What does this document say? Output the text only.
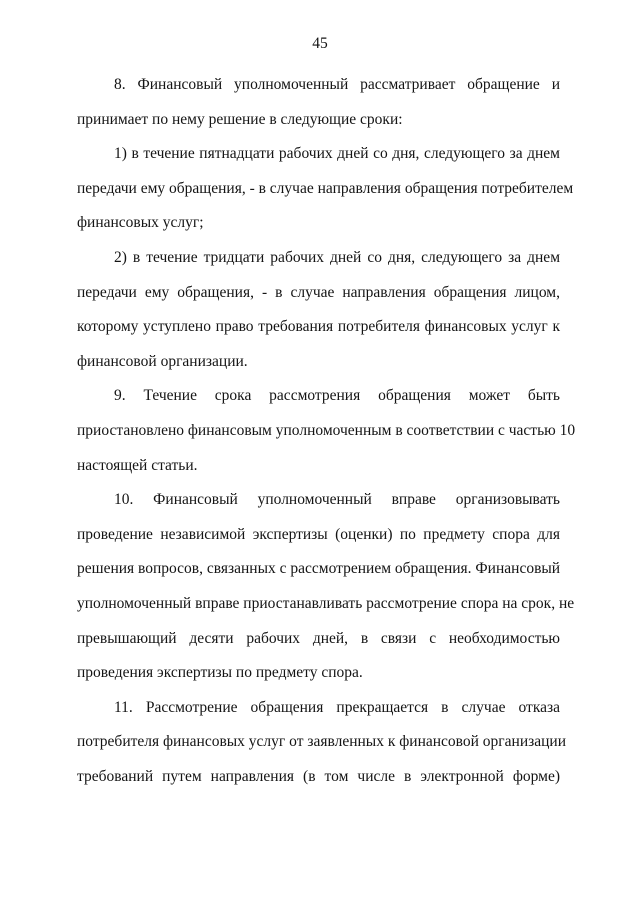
45
8. Финансовый уполномоченный рассматривает обращение и
принимает по нему решение в следующие сроки:
1) в течение пятнадцати рабочих дней со дня, следующего за днем
передачи ему обращения, - в случае направления обращения потребителем
финансовых услуг;
2) в течение тридцати рабочих дней со дня, следующего за днем
передачи ему обращения, - в случае направления обращения лицом,
которому уступлено право требования потребителя финансовых услуг к
финансовой организации.
9. Течение срока рассмотрения обращения может быть
приостановлено финансовым уполномоченным в соответствии с частью 10
настоящей статьи.
10. Финансовый уполномоченный вправе организовывать
проведение независимой экспертизы (оценки) по предмету спора для
решения вопросов, связанных с рассмотрением обращения. Финансовый
уполномоченный вправе приостанавливать рассмотрение спора на срок, не
превышающий десяти рабочих дней, в связи с необходимостью
проведения экспертизы по предмету спора.
11. Рассмотрение обращения прекращается в случае отказа
потребителя финансовых услуг от заявленных к финансовой организации
требований путем направления (в том числе в электронной форме)
